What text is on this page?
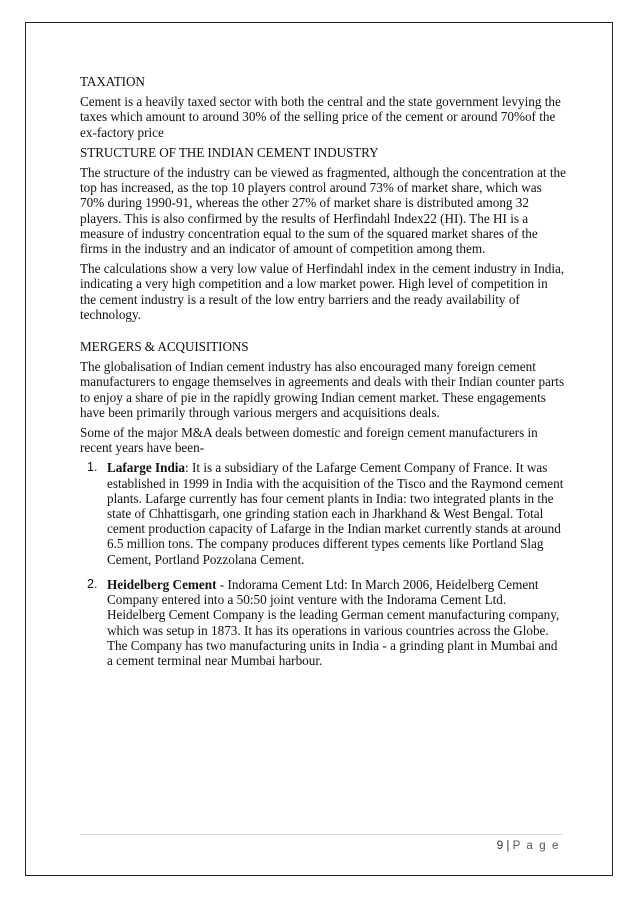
TAXATION

Cement is a heavily taxed sector with both the central and the state government levying the taxes which amount to around 30% of the selling price of the cement or around 70%of the ex-factory price

STRUCTURE OF THE INDIAN CEMENT INDUSTRY

The structure of the industry can be viewed as fragmented, although the concentration at the top has increased, as the top 10 players control around 73% of market share, which was 70% during 1990-91, whereas the other 27% of market share is distributed among 32 players. This is also confirmed by the results of Herfindahl Index22 (HI). The HI is a measure of industry concentration equal to the sum of the squared market shares of the firms in the industry and an indicator of amount of competition among them.

The calculations show a very low value of Herfindahl index in the cement industry in India, indicating a very high competition and a low market power. High level of competition in the cement industry is a result of the low entry barriers and the ready availability of technology.

MERGERS & ACQUISITIONS

The globalisation of Indian cement industry has also encouraged many foreign cement manufacturers to engage themselves in agreements and deals with their Indian counter parts to enjoy a share of pie in the rapidly growing Indian cement market. These engagements have been primarily through various mergers and acquisitions deals.

Some of the major M&A deals between domestic and foreign cement manufacturers in recent years have been-

1. Lafarge India: It is a subsidiary of the Lafarge Cement Company of France. It was established in 1999 in India with the acquisition of the Tisco and the Raymond cement plants. Lafarge currently has four cement plants in India: two integrated plants in the state of Chhattisgarh, one grinding station each in Jharkhand & West Bengal. Total cement production capacity of Lafarge in the Indian market currently stands at around 6.5 million tons. The company produces different types cements like Portland Slag Cement, Portland Pozzolana Cement.
2. Heidelberg Cement - Indorama Cement Ltd: In March 2006, Heidelberg Cement Company entered into a 50:50 joint venture with the Indorama Cement Ltd. Heidelberg Cement Company is the leading German cement manufacturing company, which was setup in 1873. It has its operations in various countries across the Globe. The Company has two manufacturing units in India - a grinding plant in Mumbai and a cement terminal near Mumbai harbour.
9 | P a g e
